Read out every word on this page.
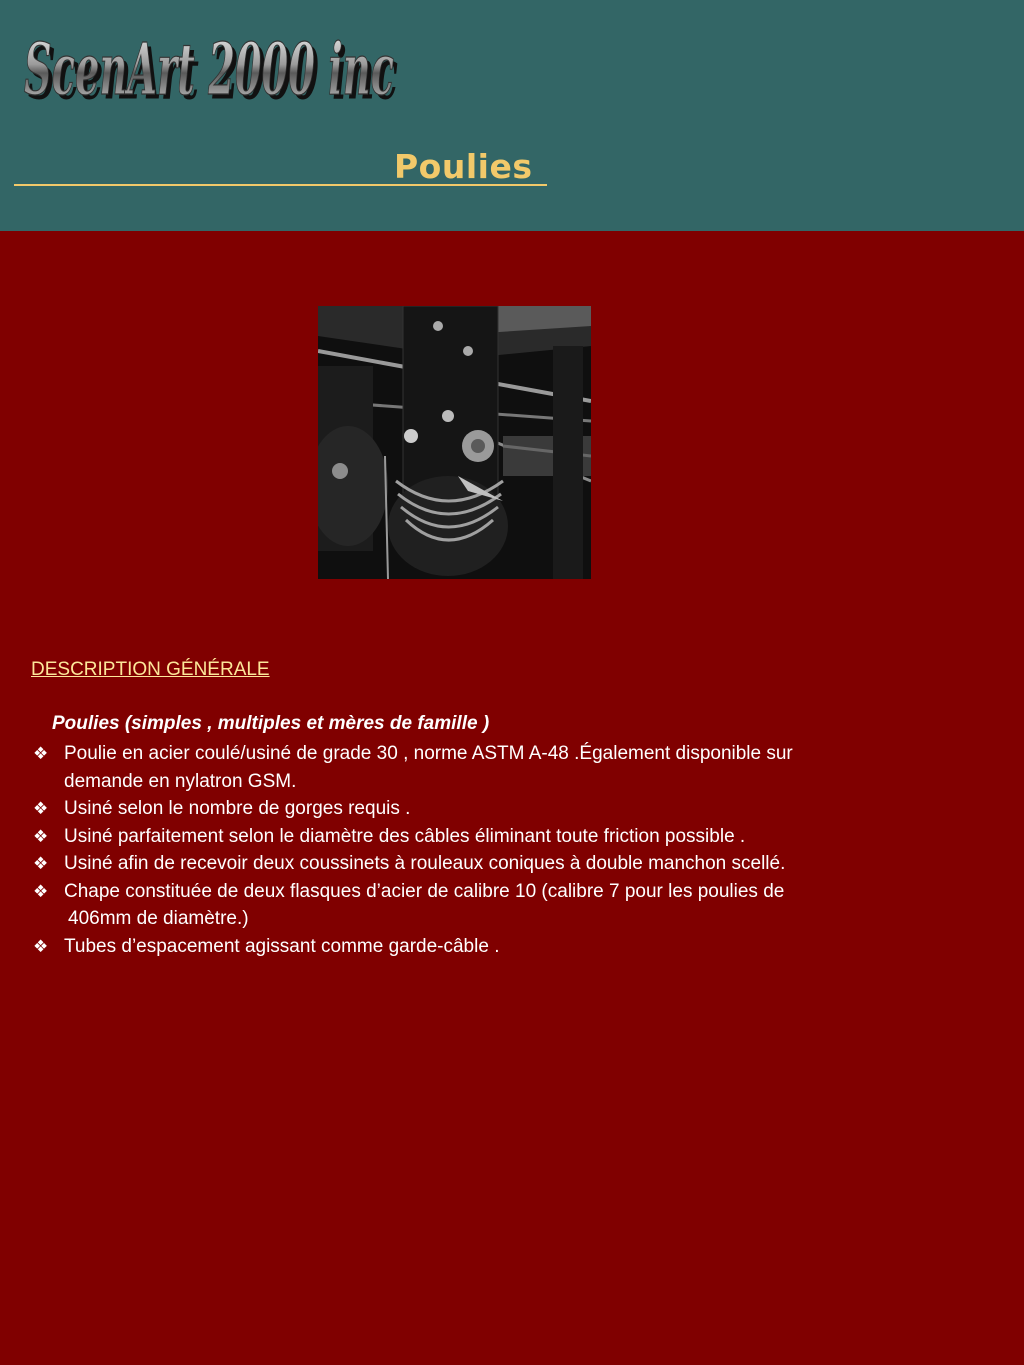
ScenArt 2000 inc
ScenArt 2000 inc
Poulies
DESCRIPTION GÉNÉRALE
Poulies (simples , multiples et mères de famille )
❖ Poulie en acier coulé/usiné de grade 30 , norme ASTM A-48 .Également disponible sur
demande en nylatron GSM.
❖ Usiné selon le nombre de gorges requis .
❖ Usiné parfaitement selon le diamètre des câbles éliminant toute friction possible .
❖ Usiné afin de recevoir deux coussinets à rouleaux coniques à double manchon scellé.
❖ Chape constituée de deux flasques d’acier de calibre 10 (calibre 7 pour les poulies de
406mm de diamètre.)
❖ Tubes d’espacement agissant comme garde-câble .
